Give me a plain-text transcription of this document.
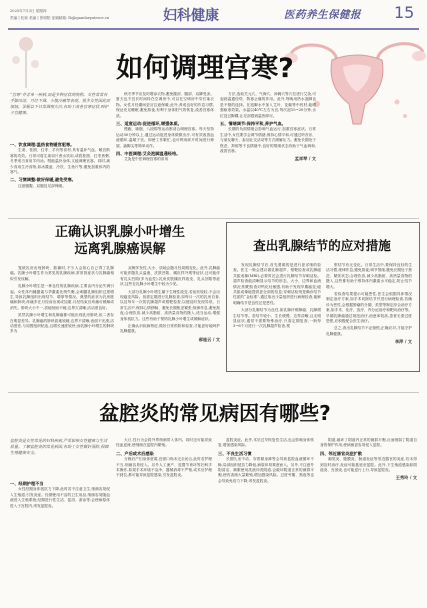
2025年7月3日 星期四
责编 | 杜琼 美编 | 张明阳 征稿邮箱: lb@quanlaeyatesce.cn	妇科健康	医药养生保健报 15
如何调理宫寒?
“宫寒”并非单一疾病,而是多种症状的统称。女性常常有手脚冰凉、月经不调、小腹冷痛等表现。很多女性因此而烦恼。掌握以下日常调理方法,有助于改善宫寒症状,呵护子宫健康。
一、饮食调理:温热食物暖宫驱寒。

生姜、桂圆、红枣、羊肉等食材,具有温补气血、暖宫散寒的功效。日常可将生姜切片煮水饮用,或将桂圆、红枣煮粥,冬季适当食用羊肉汤。既能温补身体,又能调理宫寒。同时,减少食用生冷食物,如冰激凌、冷饮、生鱼片等,避免加重体内的寒气。

二、习惯调整:做好保暖,避免受寒。

注意腰腹、双腿及足部保暖。

秋冬季节应及时增添衣物,避免腹部、腰部、双脚受凉。夏天也不宜长时间待在空调房中,可以在空调房中穿长袖衣物。女性月经期间更应注意保暖,此外,养成良好的作息习惯,保证充足睡眠,避免熬夜,有利于身体阳气的恢复,改善宫寒体质。

三、适度运动:促进循环,增强体质。

慢跑、瑜伽、八段锦等运动都适合调理宫寒。每天坚持运动30分钟以上,通过运动促进身体微微出汗,可有效改善血液循环,温暖子宫。即使工作繁忙,也可利用碎片时间进行伸展、踮脚尖等简单动作。

四、中医调理:艾灸泡脚温通经络。

艾灸是中医调理宫寒的常用

方法,选取关元穴、气海穴、神阙穴等穴位进行艾灸,可起到温通经络、散寒止痛的作用。此外,每晚用热水泡脚也是不错的选择。在泡脚水中加入艾叶、花椒等中药材,能增强驱寒效果。水温以40℃左右为宜,每次泡15~20分钟,水位没过脚踝,让足部感到温热即可。

五、情绪调节:保持平和,养护气血。

长期的负面情绪会影响气血运行,加重宫寒症状。日常生活中,女性要学会调节情绪,保持心情平和,可通过听音乐、与朋友聊天、参加社交活动等方式缓解压力。避免长期处于焦虑、抑郁等不良情绪中,良好的情绪状态有助于气血调和,改善宫寒。

孟祥琴 / 文
正确认识乳腺小叶增生
远离乳腺癌误解

笼统乳房出现肿块、胀痛时,不少人会担心自己得了乳腺癌。乳腺小叶增生作为常见的乳腺疾病,常常因症状与乳腺癌相似引发误解。

乳腺小叶增生是一种良性的乳腺疾病,主要由内分泌失调引起。女性体内雌激素与孕激素比例失衡,会刺激乳腺组织过度增生,导致乳腺组织出现结节、增厚等情况。典型的症状为乳房胀痛和肿块,疼痛多在月经前出现或加重,月经结束后疼痛可缓解或消失。肿块大小不一,质地韧而不硬,边界欠清晰,活动度良好。

虽然乳腺小叶增生和乳腺癌都可能出现乳房肿块,但二者存在明显差异。乳腺癌的肿块质地较硬,边界不清晰,表面不光滑,活动度差,与周围组织粘连,且增长速度较快;而乳腺小叶增生的肿块多为

双侧多发性,大小、质地会随月经周期变化。此外,乳腺癌可能伴随乳头溢液、皮肤凹陷、橘皮样外观等症状,还可能伴有乳头凹陷(多为血性),乳房皮肤橘皮样改变、乳头回陷等症状,这些在乳腺小叶增生中较为少见。

大部分乳腺小叶增生属于生理性改变,若症状较轻,不会出现癌变风险。但需定期进行乳腺检查,如每月一次的乳房自查,以及每年一次的乳腺超声或钼靶检查,以便及时发现异常。日常生活中,保持心情舒畅、避免长期焦虑紧张;规律作息,避免熬夜;合理饮食,减少高脂肪、高热量食物的摄入,适当运动,增强身体抵抗力。这些有助于预防乳腺小叶增生或缓解症状。

正确认识疾病特征,做好日常预防和检查,才能更好地呵护乳腺健康。

郝桂云 / 文
查出乳腺结节的应对措施

发现乳腺结节后,首先要做的是进行更详细的检查。医生一般会建议做乳腺超声、钼靶检查或乳腺磁共振成像(MRI),必要时还会进行乳腺结节穿刺活检。超声检查能清晰显示结节的形态、大小、边界和血流情况;钼靶检查对钙化灶敏感,有助于发现早期癌变;磁共振成像能提供更全面的信息;穿刺活检则是确诊结节性质的“金标准”,通过取出少量组织进行病理检查,能够明确结节是良性还是恶性。

大部分乳腺结节为良性,如乳腺纤维腺瘤、乳腺增生结节等。若结节较小、生长缓慢、边界清晰,且无明显症状,通常不需要特殊治疗,只需定期复查,一般每3~6个月进行一次乳腺超声检查,观

察结节有无变化。日常生活中,要保持良好的生活习惯,规律作息,避免熬夜;调节情绪,避免长期处于焦虑、紧张状态;合理饮食,减少高脂肪、高热量食物的摄入,这些都有助于维持体内激素水平稳定,防止结节增大。

若检查结果提示可疑恶性,医生会根据具体情况制定治疗方案,如手术切除结节并进行病理检查,若确诊为恶性,会根据肿瘤的分期、类型等制定综合治疗方案,如手术、化疗、放疗、内分泌治疗和靶向治疗等。早期乳腺癌通过规范治疗,治愈率较高,患者无需过度恐慌,应积极配合医生治疗。

总之,查出乳腺结节不必惊慌,正确应对,才能守护乳腺健康。

李萍 / 文
盆腔炎的常见病因有哪些?
盆腔炎是女性常见的妇科疾病,严重影响女性健康与生活质量。了解盆腔炎的常见病因,有助于女性做好预防,保障生殖健康安全。
一、经期护理不当

女性经期身体抵抗力下降,此时若不注意卫生,细菌容易侵入生殖道,引发炎症。经期使用不洁的卫生用品,细菌容易随血液进入生殖系统;经期进行性生活、盆浴、游泳等,会使病原体进入子宫腔内,诱发盆腔炎。

大丘,性行为会将外界细菌带入体内。同时还可能导致经血逆流,使细菌在盆腔内繁殖。

二、产后或术后感染

分娩后产妇身体虚弱,宫颈口尚未完全闭合,此时若护理不当,细菌容易侵入。另外人工流产、放置节育环等妇科手术操作,如果手术环境不洁净、器械消毒不严格,或术后护理不到位,都可能导致盆腔感染,引发盆腔炎。

盆腔炎症。此外,术后过早恢复性生活,也会影响身体恢复,增加感染风险。

三、不良生活习惯

长期久坐不动、穿着紧身裤等会导致盆腔血液循环不畅,局部组织抵抗力降低,病原体易乘虚而入。另外,不注意外阴清洁、频繁使用洗液冲洗阴道,会破坏阴道正常的菌群平衡,使有害菌大量繁殖,增加感染风险。过度劳累、熬夜等也会导致免疫力下降,诱发盆腔炎。

阴道,破坏了阴道内正常的菌群平衡,反而削弱了阴道自身的保护作用,使病菌更容易侵入盆腔。

四、邻近器官炎症扩散

阑尾炎、腹膜炎、肠道炎症等邻近器官的炎症,若未得到及时治疗,炎症可能蔓延至盆腔。此外,下生殖道感染如阴道炎、宫颈炎,也可能逆行上行,导致盆腔炎。

王秀玲 / 文
